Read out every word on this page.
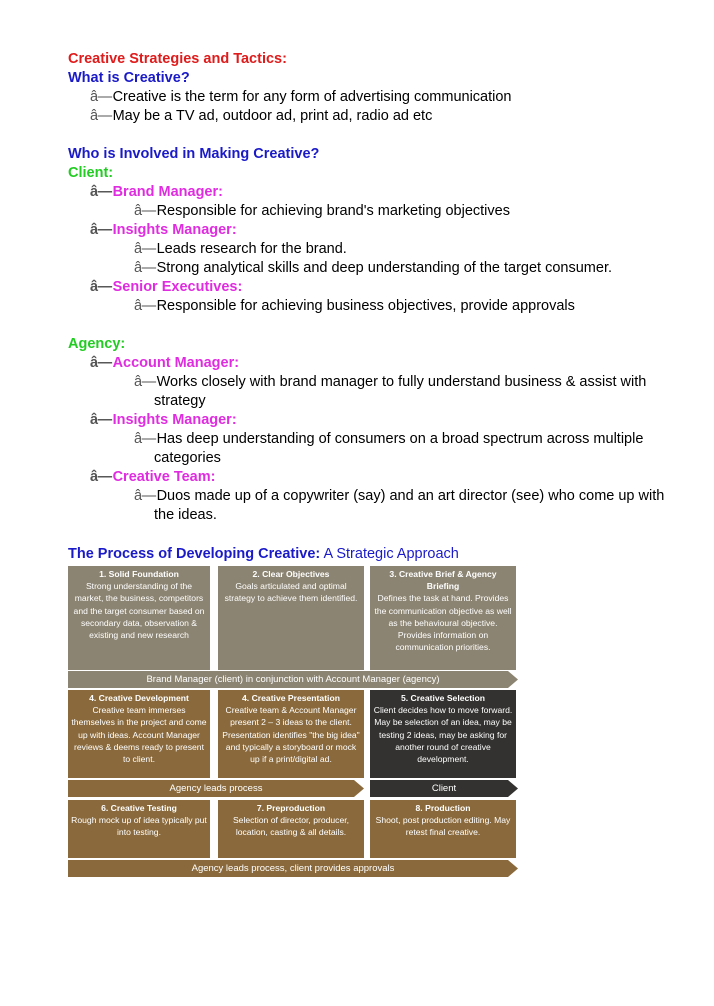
Creative Strategies and Tactics:
What is Creative?
â—Creative is the term for any form of advertising communication
â—May be a TV ad, outdoor ad, print ad, radio ad etc
Who is Involved in Making Creative?
Client:
â—Brand Manager:
â—Responsible for achieving brand's marketing objectives
â—Insights Manager:
â—Leads research for the brand.
â—Strong analytical skills and deep understanding of the target consumer.
â—Senior Executives:
â—Responsible for achieving business objectives, provide approvals
Agency:
â—Account Manager:
â—Works closely with brand manager to fully understand business & assist with strategy
â—Insights Manager:
â—Has deep understanding of consumers on a broad spectrum across multiple categories
â—Creative Team:
â—Duos made up of a copywriter (say) and an art director (see) who come up with the ideas.
The Process of Developing Creative: A Strategic Approach
1. Solid Foundation
Strong understanding of the market, the business, competitors and the target consumer based on secondary data, observation & existing and new research
2. Clear Objectives
Goals articulated and optimal strategy to achieve them identified.
3. Creative Brief & Agency Briefing
Defines the task at hand. Provides the communication objective as well as the behavioural objective. Provides information on communication priorities.
Brand Manager (client) in conjunction with Account Manager (agency)
4. Creative Development
Creative team immerses themselves in the project and come up with ideas. Account Manager reviews & deems ready to present to client.
4. Creative Presentation
Creative team & Account Manager present 2 – 3 ideas to the client. Presentation identifies "the big idea" and typically a storyboard or mock up if a print/digital ad.
5. Creative Selection
Client decides how to move forward. May be selection of an idea, may be testing 2 ideas, may be asking for another round of creative development.
Agency leads process	Client
6. Creative Testing
Rough mock up of idea typically put into testing.
7. Preproduction
Selection of director, producer, location, casting & all details.
8. Production
Shoot, post production editing. May retest final creative.
Agency leads process, client provides approvals
